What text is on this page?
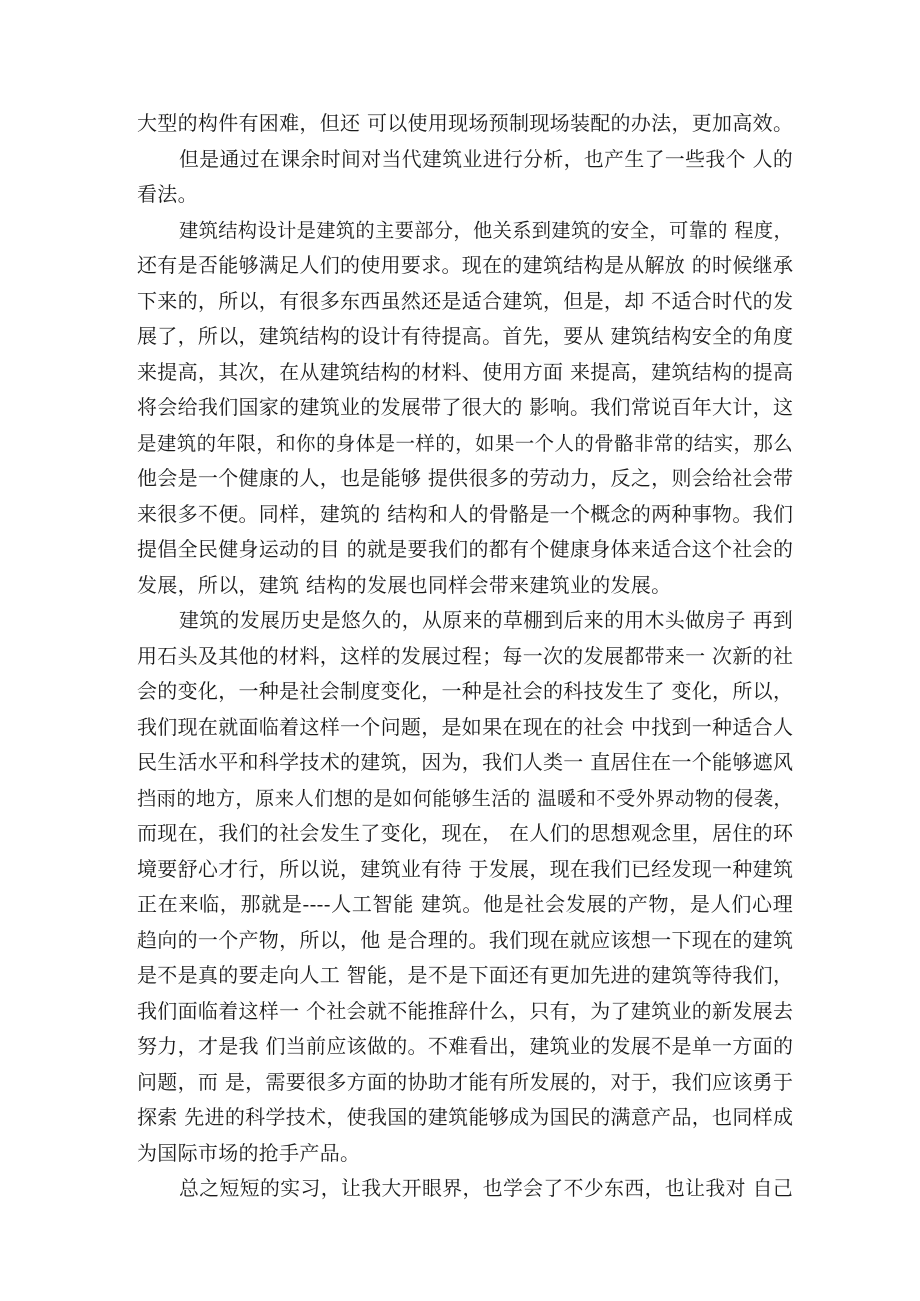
大型的构件有困难，但还 可以使用现场预制现场装配的办法，更加高效。
但是通过在课余时间对当代建筑业进行分析，也产生了一些我个 人的
看法。
建筑结构设计是建筑的主要部分，他关系到建筑的安全，可靠的 程度，
还有是否能够满足人们的使用要求。现在的建筑结构是从解放 的时候继承
下来的，所以，有很多东西虽然还是适合建筑，但是，却 不适合时代的发
展了，所以，建筑结构的设计有待提高。首先，要从 建筑结构安全的角度
来提高，其次，在从建筑结构的材料、使用方面 来提高，建筑结构的提高
将会给我们国家的建筑业的发展带了很大的 影响。我们常说百年大计，这
是建筑的年限，和你的身体是一样的，如果一个人的骨骼非常的结实，那么
他会是一个健康的人，也是能够 提供很多的劳动力，反之，则会给社会带
来很多不便。同样，建筑的 结构和人的骨骼是一个概念的两种事物。我们
提倡全民健身运动的目 的就是要我们的都有个健康身体来适合这个社会的
发展，所以，建筑 结构的发展也同样会带来建筑业的发展。
建筑的发展历史是悠久的，从原来的草棚到后来的用木头做房子 再到
用石头及其他的材料，这样的发展过程；每一次的发展都带来一 次新的社
会的变化，一种是社会制度变化，一种是社会的科技发生了 变化，所以，
我们现在就面临着这样一个问题，是如果在现在的社会 中找到一种适合人
民生活水平和科学技术的建筑，因为，我们人类一 直居住在一个能够遮风
挡雨的地方，原来人们想的是如何能够生活的 温暖和不受外界动物的侵袭，
而现在，我们的社会发生了变化，现在， 在人们的思想观念里，居住的环
境要舒心才行，所以说，建筑业有待 于发展，现在我们已经发现一种建筑
正在来临，那就是----人工智能 建筑。他是社会发展的产物，是人们心理
趋向的一个产物，所以，他 是合理的。我们现在就应该想一下现在的建筑
是不是真的要走向人工 智能，是不是下面还有更加先进的建筑等待我们，
我们面临着这样一 个社会就不能推辞什么，只有，为了建筑业的新发展去
努力，才是我 们当前应该做的。不难看出，建筑业的发展不是单一方面的
问题，而 是，需要很多方面的协助才能有所发展的，对于，我们应该勇于
探索 先进的科学技术，使我国的建筑能够成为国民的满意产品，也同样成
为国际市场的抢手产品。
总之短短的实习，让我大开眼界，也学会了不少东西，也让我对 自己
